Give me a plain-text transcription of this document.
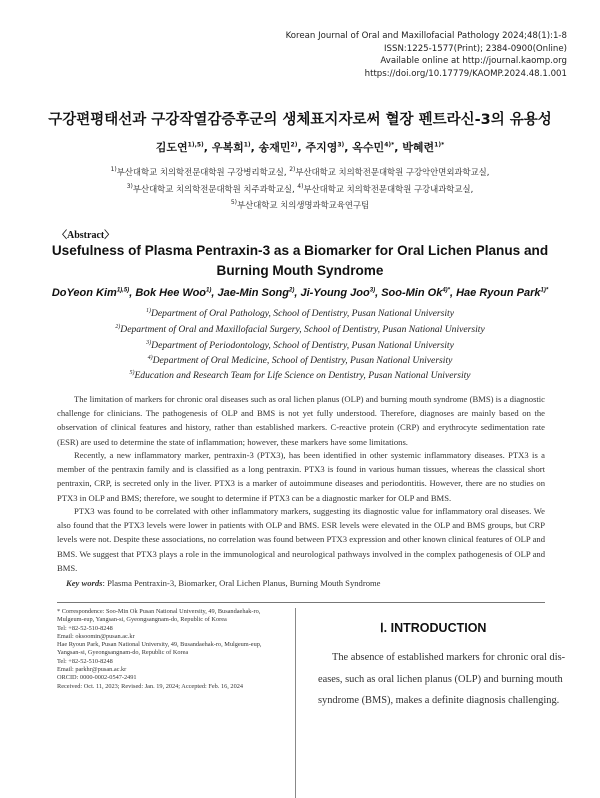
Korean Journal of Oral and Maxillofacial Pathology 2024;48(1):1-8
ISSN:1225-1577(Print); 2384-0900(Online)
Available online at http://journal.kaomp.org
https://doi.org/10.17779/KAOMP.2024.48.1.001
구강편평태선과 구강작열감증후군의 생체표지자로써 혈장 펜트라신-3의 유용성
김도연$^{1),5)}$, 우복희$^{1)}$, 송재민$^{2)}$, 주지영$^{3)}$, 옥수민$^{4)*}$, 박혜련$^{1)*}$
$^{1)}$부산대학교 치의학전문대학원 구강병리학교실, $^{2)}$부산대학교 치의학전문대학원 구강악안면외과학교실,
$^{3)}$부산대학교 치의학전문대학원 치주과학교실, $^{4)}$부산대학교 치의학전문대학원 구강내과학교실,
$^{5)}$부산대학교 치의생명과학교육연구팀
〈Abstract〉
Usefulness of Plasma Pentraxin-3 as a Biomarker for Oral Lichen Planus and
Burning Mouth Syndrome
DoYeon Kim$^{1),5)}$, Bok Hee Woo$^{1)}$, Jae-Min Song$^{2)}$, Ji-Young Joo$^{3)}$, Soo-Min $Ok^{4)*}$, Hae Ryoun Park$^{1)*}$
$^{1)}$Department of Oral Pathology, School of Dentistry, Pusan National University
$^{2)}$Department of Oral and Maxillofacial Surgery, School of Dentistry, Pusan National University
$^{3)}$Department of Periodontology, School of Dentistry, Pusan National University
$^{4)}$Department of Oral Medicine, School of Dentistry, Pusan National University
$^{5)}$Education and Research Team for Life Science on Dentistry, Pusan National University

The limitation of markers for chronic oral diseases such as oral lichen planus (OLP) and burning mouth syndrome (BMS) is a diagnostic challenge for clinicians. The pathogenesis of OLP and BMS is not yet fully understood. Therefore, diagnoses are mainly based on the observation of clinical features and history, rather than established markers. C-reactive protein (CRP) and erythrocyte sedimentation rate (ESR) are used to determine the state of inflammation; however, these markers have some limitations.

Recently, a new inflammatory marker, pentraxin-3 (PTX3), has been identified in other systemic inflammatory diseases. PTX3 is a member of the pentraxin family and is classified as a long pentraxin. PTX3 is found in various human tissues, whereas the classical short pentraxin, CRP, is secreted only in the liver. PTX3 is a marker of autoimmune diseases and periodontitis. However, there are no studies on PTX3 in OLP and BMS; therefore, we sought to determine if PTX3 can be a diagnostic marker for OLP and BMS.

PTX3 was found to be correlated with other inflammatory markers, suggesting its diagnostic value for inflammatory oral diseases. We also found that the PTX3 levels were lower in patients with OLP and BMS. ESR levels were elevated in the OLP and BMS groups, but CRP levels were not. Despite these associations, no correlation was found between PTX3 expression and other known clinical features of OLP and BMS. We suggest that PTX3 plays a role in the immunological and neurological pathways involved in the complex pathogenesis of OLP and BMS.

Key words: Plasma Pentraxin-3, Biomarker, Oral Lichen Planus, Burning Mouth Syndrome
* Correspondence: Soo-Min Ok Pusan National University, 49, Busandaehak-ro,
Mulgeum-eup, Yangsan-si, Gyeongsangnam-do, Republic of Korea
Tel: +82-52-510-8248
Email: oksoomin@pusan.ac.kr
Hae Ryoun Park, Pusan National University, 49, Busandaehak-ro, Mulgeum-eup,
Yangsan-si, Gyeongsangnam-do, Republic of Korea
Tel: +82-52-510-8248
Email: parkhr@pusan.ac.kr
ORCID: 0000-0002-0547-2491
Received: Oct. 11, 2023; Revised: Jan. 19, 2024; Accepted: Feb. 16, 2024
Ⅰ. INTRODUCTION

The absence of established markers for chronic oral dis-
eases, such as oral lichen planus (OLP) and burning mouth
syndrome (BMS), makes a definite diagnosis challenging.
